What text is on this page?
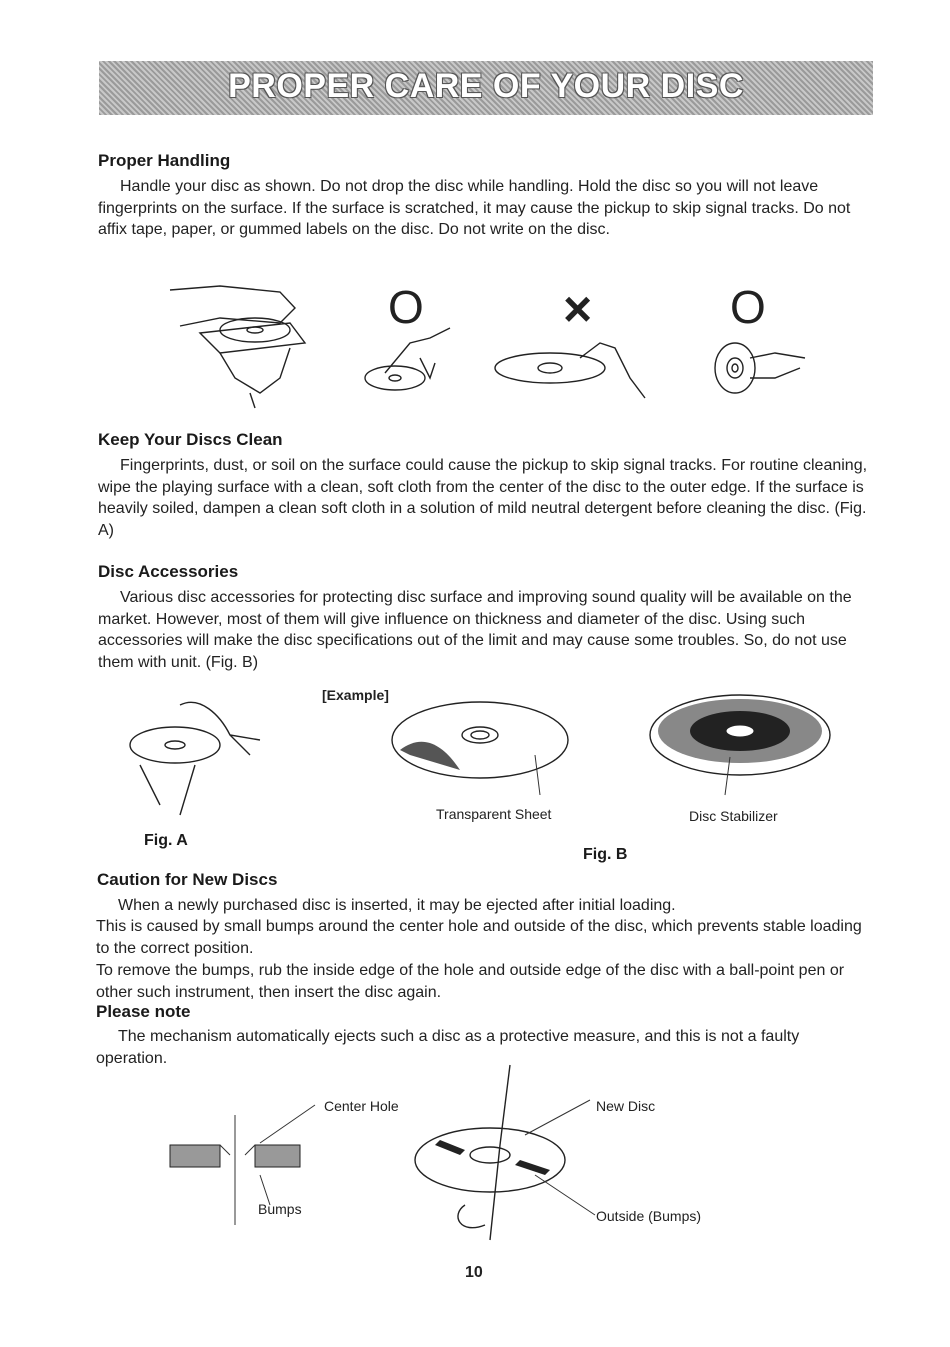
PROPER CARE OF YOUR DISC
Proper Handling

Handle your disc as shown. Do not drop the disc while handling. Hold the disc so you will not leave fingerprints on the surface. If the surface is scratched, it may cause the pickup to skip signal tracks. Do not affix tape, paper, or gummed labels on the disc. Do not write on the disc.

O	×	O
Keep Your Discs Clean

Fingerprints, dust, or soil on the surface could cause the pickup to skip signal tracks. For routine cleaning, wipe the playing surface with a clean, soft cloth from the center of the disc to the outer edge. If the surface is heavily soiled, dampen a clean soft cloth in a solution of mild neutral detergent before cleaning the disc. (Fig. A)

Disc Accessories

Various disc accessories for protecting disc surface and improving sound quality will be available on the market. However, most of them will give influence on thickness and diameter of the disc. Using such accessories will make the disc specifications out of the limit and may cause some troubles. So, do not use them with unit. (Fig. B)

[Example]
Transparent Sheet	Disc Stabilizer
Fig. A
Fig. B
Caution for New Discs

When a newly purchased disc is inserted, it may be ejected after initial loading.

This is caused by small bumps around the center hole and outside of the disc, which prevents stable loading to the correct position.

To remove the bumps, rub the inside edge of the hole and outside edge of the disc with a ball-point pen or other such instrument, then insert the disc again.

Please note

The mechanism automatically ejects such a disc as a protective measure, and this is not a faulty operation.

Center Hole	New Disc
Bumps	Outside (Bumps)
10
